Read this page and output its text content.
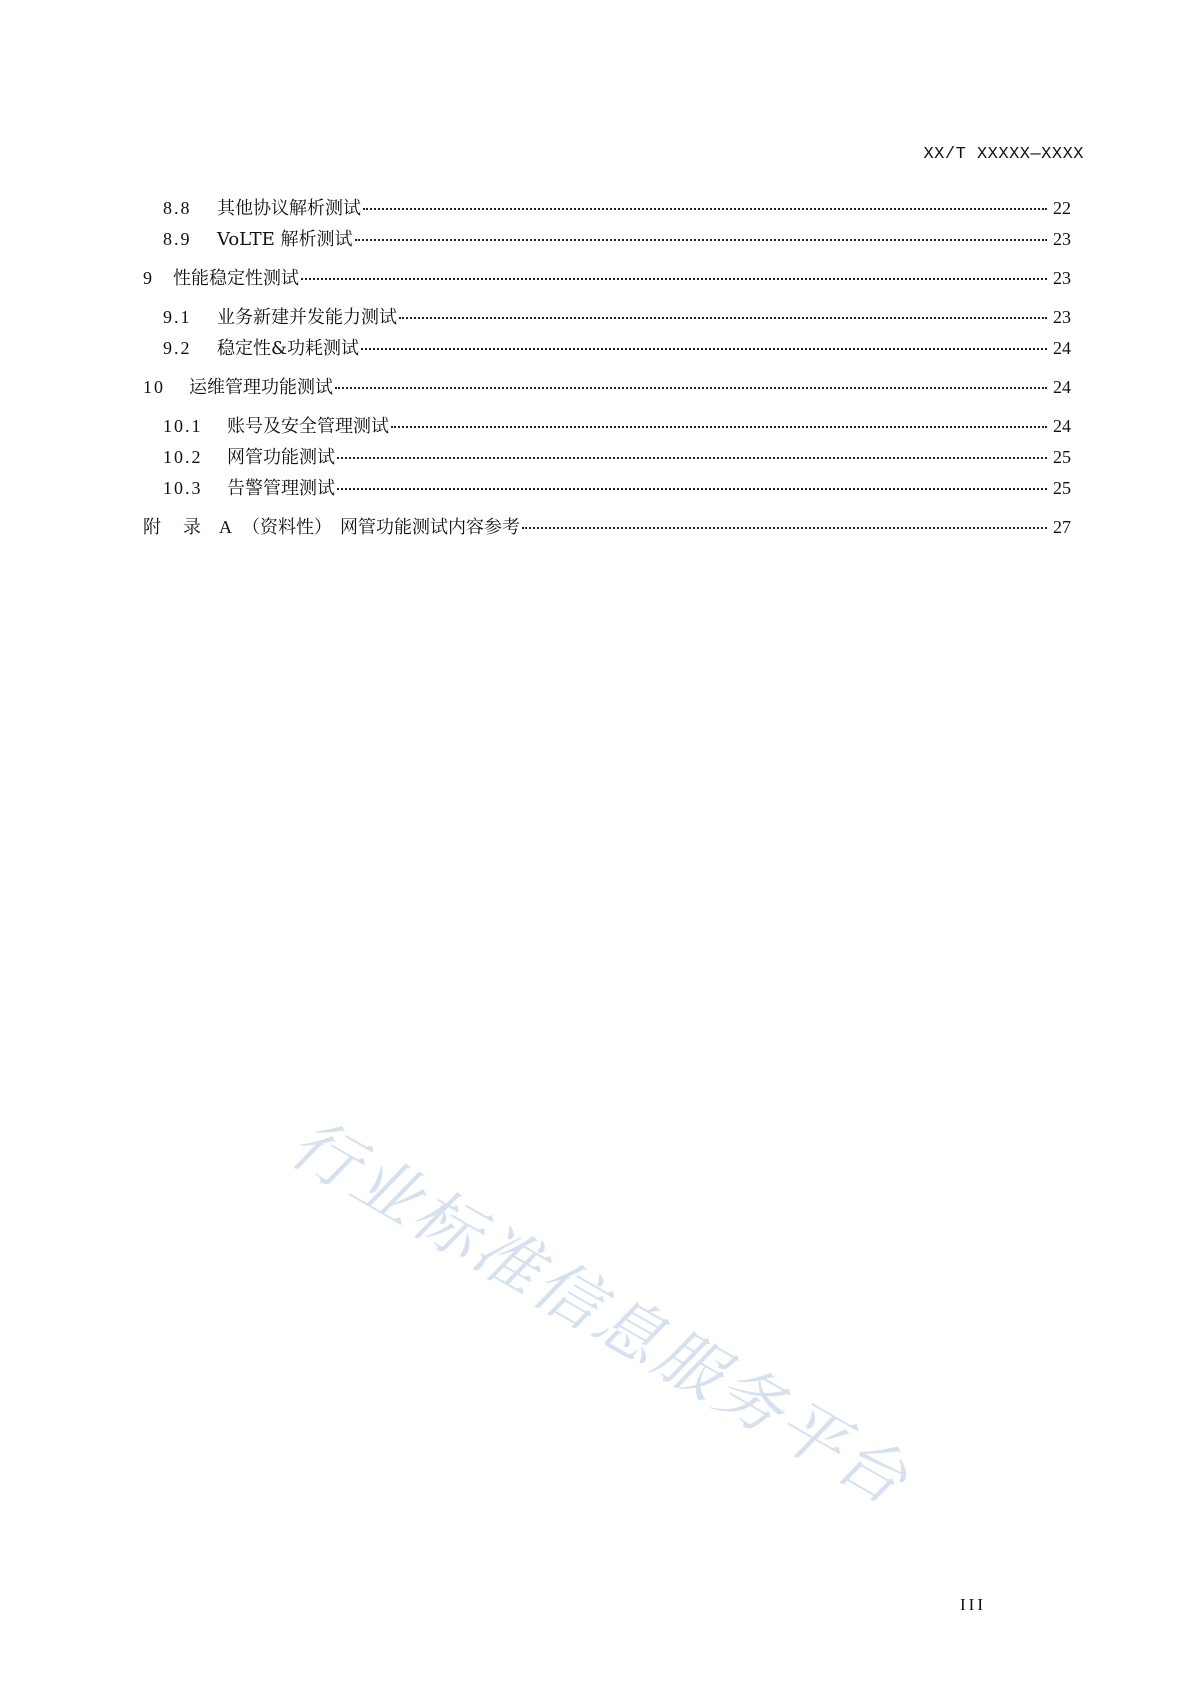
XX/T XXXXX—XXXX
8.8	其他协议解析测试	22
8.9	VoLTE 解析测试	23
9	性能稳定性测试	23
9.1	业务新建并发能力测试	23
9.2	稳定性&功耗测试	24
10	运维管理功能测试	24
10.1	账号及安全管理测试	24
10.2	网管功能测试	25
10.3	告警管理测试	25
附 录 A （资料性） 网管功能测试内容参考	27
行业标准信息服务平台
III
